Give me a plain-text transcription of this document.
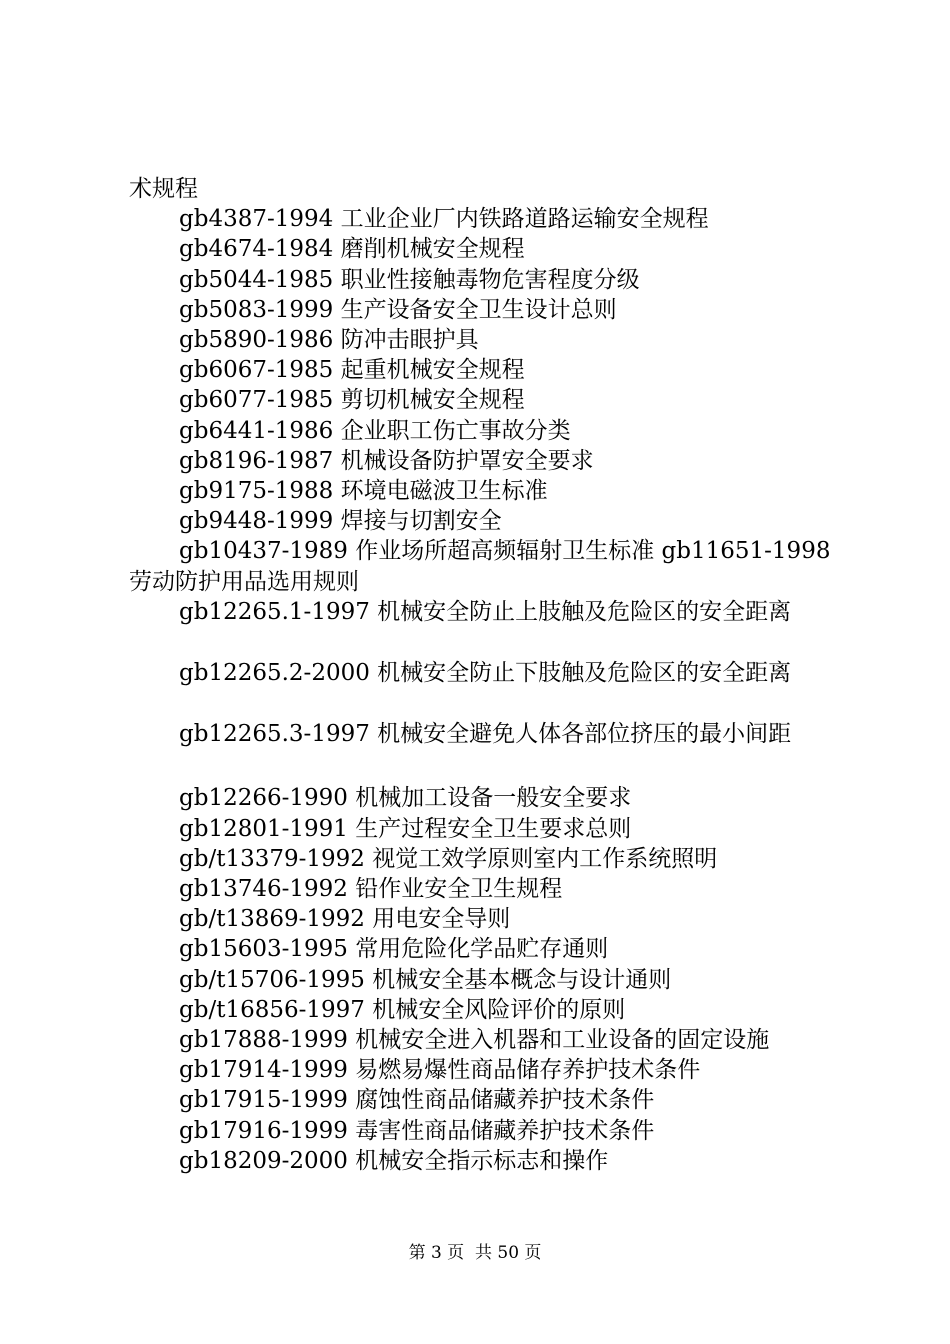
术规程
gb4387-1994 工业企业厂内铁路道路运输安全规程
gb4674-1984 磨削机械安全规程
gb5044-1985 职业性接触毒物危害程度分级
gb5083-1999 生产设备安全卫生设计总则
gb5890-1986 防冲击眼护具
gb6067-1985 起重机械安全规程
gb6077-1985 剪切机械安全规程
gb6441-1986 企业职工伤亡事故分类
gb8196-1987 机械设备防护罩安全要求
gb9175-1988 环境电磁波卫生标准
gb9448-1999 焊接与切割安全
gb10437-1989 作业场所超高频辐射卫生标准 gb11651-1998
劳动防护用品选用规则
gb12265.1-1997 机械安全防止上肢触及危险区的安全距离
gb12265.2-2000 机械安全防止下肢触及危险区的安全距离
gb12265.3-1997 机械安全避免人体各部位挤压的最小间距
gb12266-1990 机械加工设备一般安全要求
gb12801-1991 生产过程安全卫生要求总则
gb/t13379-1992 视觉工效学原则室内工作系统照明
gb13746-1992 铅作业安全卫生规程
gb/t13869-1992 用电安全导则
gb15603-1995 常用危险化学品贮存通则
gb/t15706-1995 机械安全基本概念与设计通则
gb/t16856-1997 机械安全风险评价的原则
gb17888-1999 机械安全进入机器和工业设备的固定设施
gb17914-1999 易燃易爆性商品储存养护技术条件
gb17915-1999 腐蚀性商品储藏养护技术条件
gb17916-1999 毒害性商品储藏养护技术条件
gb18209-2000 机械安全指示标志和操作
第 3 页  共 50 页
